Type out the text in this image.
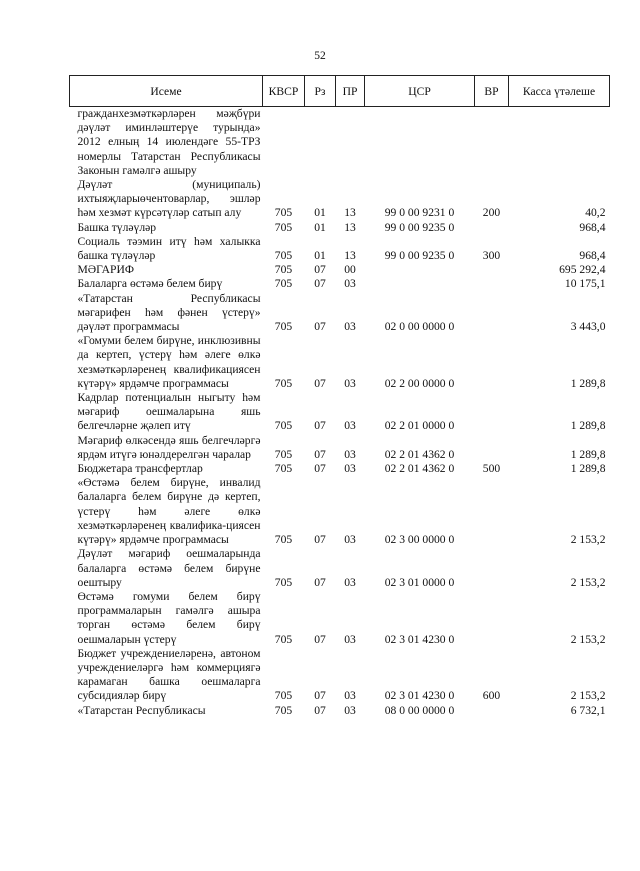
52
Исеме	КВСР	Рз	ПР	ЦСР	ВР	Касса үтәлеше
гражданхезмәткәрләрен мәҗбүри дәүләт иминләштерүе турында» 2012 елның 14 июлендәге 55-ТРЗ номерлы Татарстан Республикасы Законын гамәлгә ашыру						
Дәүләт (муниципаль) ихтыяҗларыөчентоварлар, эшләр һәм хезмәт күрсәтүләр сатып алу	705	01	13	99 0 00 9231 0	200	40,2
Башка түләүләр	705	01	13	99 0 00 9235 0		968,4
Социаль тәэмин итү һәм халыкка башка түләүләр	705	01	13	99 0 00 9235 0	300	968,4
МӘГАРИФ	705	07	00			695 292,4
Балаларга өстәмә белем бирү	705	07	03			10 175,1
«Татарстан Республикасы мәгарифен һәм фәнен үстерү» дәүләт программасы	705	07	03	02 0 00 0000 0		3 443,0
«Гомуми белем бирүне, инклюзивны да кертеп, үстерү һәм әлеге өлкә хезмәткәрләренең квалификациясен күтәрү» ярдәмче программасы	705	07	03	02 2 00 0000 0		1 289,8
Кадрлар потенциалын ныгыту һәм мәгариф оешмаларына яшь белгечләрне җәлеп итү	705	07	03	02 2 01 0000 0		1 289,8
Мәгариф өлкәсендә яшь белгечләргә ярдәм итүгә юнәлдерелгән чаралар	705	07	03	02 2 01 4362 0		1 289,8
Бюджетара трансфертлар	705	07	03	02 2 01 4362 0	500	1 289,8
«Өстәмә белем бирүне, инвалид балаларга белем бирүне дә кертеп, үстерү һәм әлеге өлкә хезмәткәрләренең квалифика-циясен күтәрү» ярдәмче программасы	705	07	03	02 3 00 0000 0		2 153,2
Дәүләт мәгариф оешмаларында балаларга өстәмә белем бирүне оештыру	705	07	03	02 3 01 0000 0		2 153,2
Өстәмә гомуми белем бирү программаларын гамәлгә ашыра торган өстәмә белем бирү оешмаларын үстерү	705	07	03	02 3 01 4230 0		2 153,2
Бюджет учреждениеләренә, автоном учреждениеләргә һәм коммерциягә карамаган башка оешмаларга субсидияләр бирү	705	07	03	02 3 01 4230 0	600	2 153,2
«Татарстан Республикасы	705	07	03	08 0 00 0000 0		6 732,1
